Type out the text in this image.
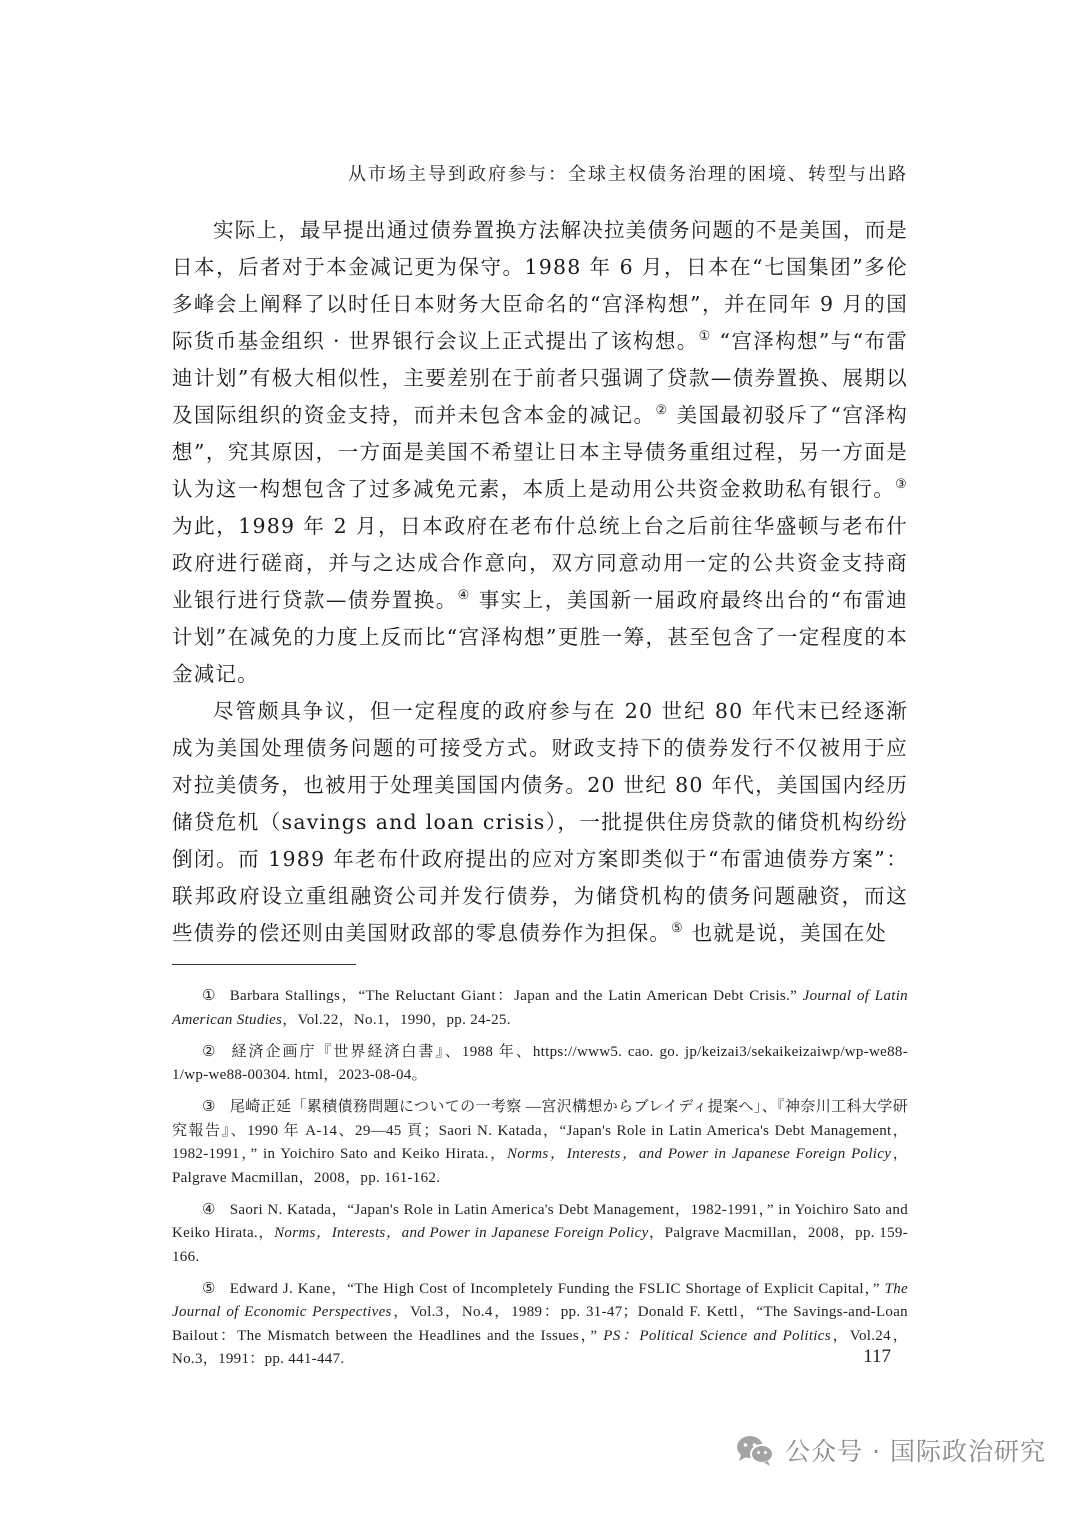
从市场主导到政府参与：全球主权债务治理的困境、转型与出路

实际上，最早提出通过债券置换方法解决拉美债务问题的不是美国，而是日本，后者对于本金减记更为保守。1988 年 6 月，日本在“七国集团”多伦多峰会上阐释了以时任日本财务大臣命名的“宫泽构想”，并在同年 9 月的国际货币基金组织 · 世界银行会议上正式提出了该构想。① “宫泽构想”与“布雷迪计划”有极大相似性，主要差别在于前者只强调了贷款—债券置换、展期以及国际组织的资金支持，而并未包含本金的减记。② 美国最初驳斥了“宫泽构想”，究其原因，一方面是美国不希望让日本主导债务重组过程，另一方面是认为这一构想包含了过多减免元素，本质上是动用公共资金救助私有银行。③ 为此，1989 年 2 月，日本政府在老布什总统上台之后前往华盛顿与老布什政府进行磋商，并与之达成合作意向，双方同意动用一定的公共资金支持商业银行进行贷款—债券置换。④ 事实上，美国新一届政府最终出台的“布雷迪计划”在减免的力度上反而比“宫泽构想”更胜一筹，甚至包含了一定程度的本金减记。

尽管颇具争议，但一定程度的政府参与在 20 世纪 80 年代末已经逐渐成为美国处理债务问题的可接受方式。财政支持下的债券发行不仅被用于应对拉美债务，也被用于处理美国国内债务。20 世纪 80 年代，美国国内经历储贷危机（savings and loan crisis），一批提供住房贷款的储贷机构纷纷倒闭。而 1989 年老布什政府提出的应对方案即类似于“布雷迪债券方案”：联邦政府设立重组融资公司并发行债券，为储贷机构的债务问题融资，而这些债券的偿还则由美国财政部的零息债券作为担保。⑤ 也就是说，美国在处

① Barbara Stallings，“The Reluctant Giant：Japan and the Latin American Debt Crisis.” Journal of Latin American Studies，Vol.22，No.1，1990，pp. 24-25.
② 経済企画庁『世界経済白書』、1988 年、https://www5. cao. go. jp/keizai3/sekaikeizaiwp/wp-we88-1/wp-we88-00304. html，2023-08-04。
③ 尾崎正延「累積債務問題についての一考察 —宮沢構想からブレイディ提案へ」、『神奈川工科大学研究報告』、1990 年 A-14、29—45 頁；Saori N. Katada，“Japan's Role in Latin America's Debt Management，1982-1991，” in Yoichiro Sato and Keiko Hirata.，Norms，Interests，and Power in Japanese Foreign Policy，Palgrave Macmillan，2008，pp. 161-162.
④ Saori N. Katada，“Japan's Role in Latin America's Debt Management，1982-1991，” in Yoichiro Sato and Keiko Hirata.，Norms，Interests，and Power in Japanese Foreign Policy，Palgrave Macmillan，2008，pp. 159-166.
⑤ Edward J. Kane，“The High Cost of Incompletely Funding the FSLIC Shortage of Explicit Capital，” The Journal of Economic Perspectives，Vol.3，No.4，1989：pp. 31-47；Donald F. Kettl，“The Savings-and-Loan Bailout：The Mismatch between the Headlines and the Issues，” PS：Political Science and Politics，Vol.24，No.3，1991：pp. 441-447.	117
公众号 · 国际政治研究
